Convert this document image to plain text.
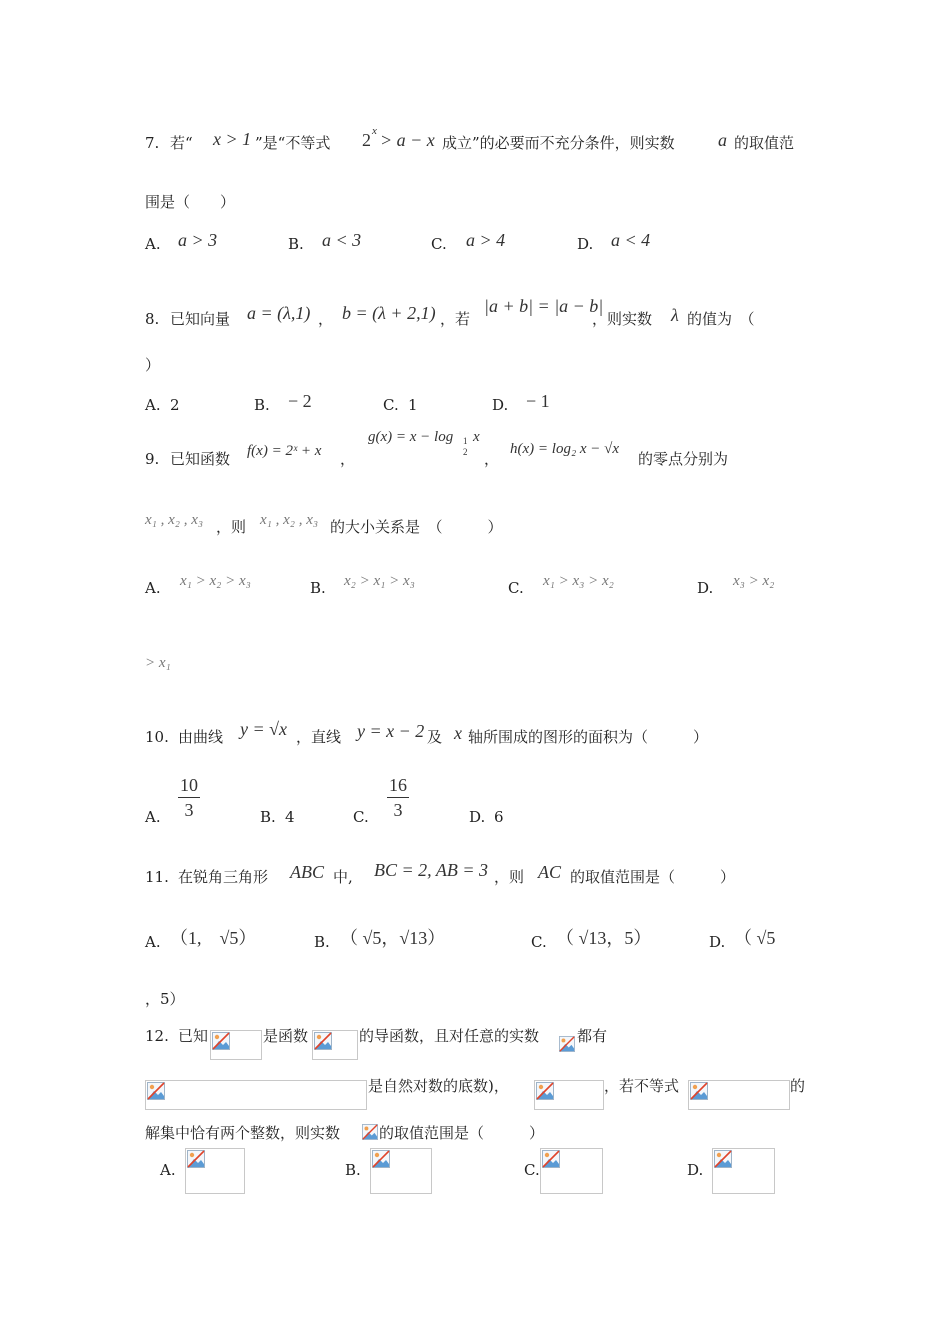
7. 若“ x > 1 ”是“不等式 2 x > a − x 成立”的必要而不充分条件，则实数 a 的取值范
围是（　　）
A. a > 3	B. a < 3	C. a > 4	D. a < 4
8. 已知向量 a = (λ,1) ， b = (λ + 2,1) ，若
|a + b| = |a − b|
，则实数 λ 的值为　（
）
A. 2	B. − 2	C. 1	D. − 1
9. 已知函数 f(x) = 2ˣ + x ，
g(x) = x − log 1
2
x
，
h(x) = log₂ x − √x
的零点分别为
x₁ , x₂ , x₃ ，则 x₁ , x₂ , x₃ 的大小关系是　（　　　）
A. x₁ > x₂ > x₃	B. x₂ > x₁ > x₃	C. x₁ > x₃ > x₂	D. x₃ > x₂
> x₁
10. 由曲线 y = √x ，直线 y = x − 2 及 x 轴所围成的图形的面积为（　　　）
A.
10
3	B. 4	C.
16
3	D. 6
11. 在锐角三角形 ABC 中, BC = 2, AB = 3 ，则 AC 的取值范围是（　　　）
A. （1,　√5）	B. （ √5，√13）	C. （ √13，5）	D. （ √5
，5）
12. 已知	是函数	的导函数，且对任意的实数	都有
是自然对数的底数)，	，若不等式	的
解集中恰有两个整数，则实数	的取值范围是（　　　）
A.	B.	C.	D.
